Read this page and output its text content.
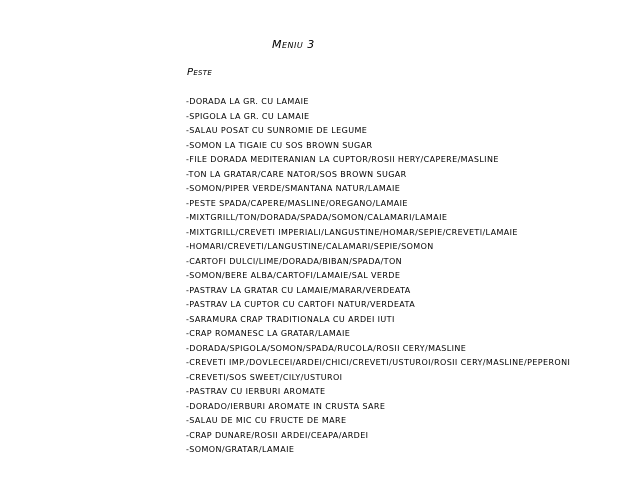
Meniu 3
Peste
-DORADA LA GR. CU LAMAIE
-SPIGOLA LA GR. CU LAMAIE
-SALAU POSAT CU SUNROMIE DE LEGUME
-SOMON LA TIGAIE CU SOS BROWN SUGAR
-FILE DORADA MEDITERANIAN LA CUPTOR/ROSII HERY/CAPERE/MASLINE
-TON LA GRATAR/CARE NATOR/SOS BROWN SUGAR
-SOMON/PIPER VERDE/SMANTANA NATUR/LAMAIE
-PESTE SPADA/CAPERE/MASLINE/OREGANO/LAMAIE
-MIXTGRILL/TON/DORADA/SPADA/SOMON/CALAMARI/LAMAIE
-MIXTGRILL/CREVETI IMPERIALI/LANGUSTINE/HOMAR/SEPIE/CREVETI/LAMAIE
-HOMARI/CREVETI/LANGUSTINE/CALAMARI/SEPIE/SOMON
-CARTOFI DULCI/LIME/DORADA/BIBAN/SPADA/TON
-SOMON/BERE ALBA/CARTOFI/LAMAIE/SAL VERDE
-PASTRAV LA GRATAR CU LAMAIE/MARAR/VERDEATA
-PASTRAV LA CUPTOR CU CARTOFI NATUR/VERDEATA
-SARAMURA CRAP TRADITIONALA CU ARDEI IUTI
-CRAP ROMANESC LA GRATAR/LAMAIE
-DORADA/SPIGOLA/SOMON/SPADA/RUCOLA/ROSII CERY/MASLINE
-CREVETI IMP./DOVLECEI/ARDEI/CHICI/CREVETI/USTUROI/ROSII CERY/MASLINE/PEPERONI
-CREVETI/SOS SWEET/CILY/USTUROI
-PASTRAV CU IERBURI AROMATE
-DORADO/IERBURI AROMATE IN CRUSTA SARE
-SALAU DE MIC CU FRUCTE DE MARE
-CRAP DUNARE/ROSII ARDEI/CEAPA/ARDEI
-SOMON/GRATAR/LAMAIE
